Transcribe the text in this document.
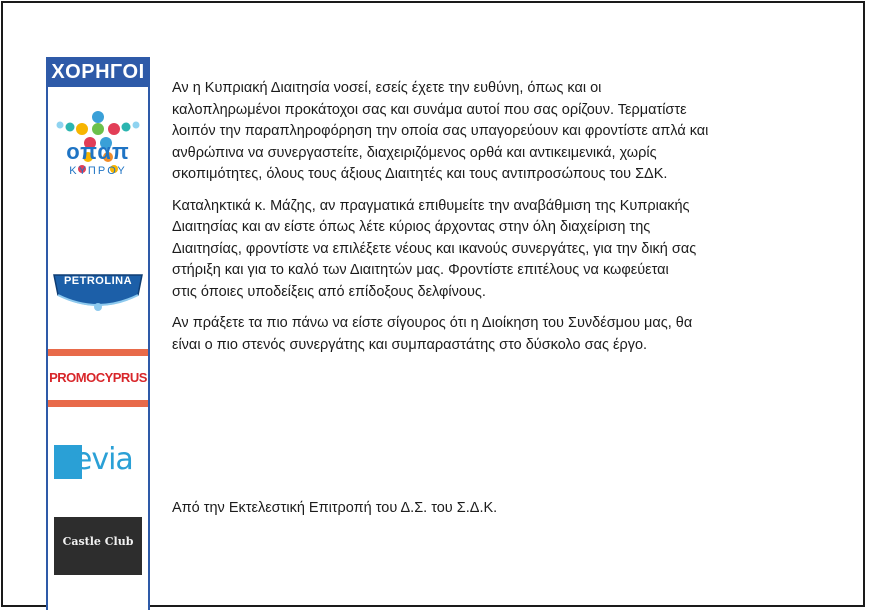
ΧΟΡΗΓΟΙ
οπαπ
ΚΥΠΡΟΥ
PETROLINA
PROMOCYPRUS
revia
Castle Club

Αν η Κυπριακή Διαιτησία νοσεί, εσείς έχετε την ευθύνη, όπως και οι
καλοπληρωμένοι προκάτοχοι σας και συνάμα αυτοί που σας ορίζουν. Τερματίστε
λοιπόν την παραπληροφόρηση την οποία σας υπαγορεύουν και φροντίστε απλά και
ανθρώπινα να συνεργαστείτε, διαχειριζόμενος ορθά και αντικειμενικά, χωρίς
σκοπιμότητες, όλους τους άξιους Διαιτητές και τους αντιπροσώπους του ΣΔΚ.

Καταληκτικά κ. Μάζης, αν πραγματικά επιθυμείτε την αναβάθμιση της Κυπριακής
Διαιτησίας και αν είστε όπως λέτε κύριος άρχοντας στην όλη διαχείριση της
Διαιτησίας, φροντίστε να επιλέξετε νέους και ικανούς συνεργάτες, για την δική σας
στήριξη και για το καλό των Διαιτητών μας. Φροντίστε επιτέλους να κωφεύεται
στις όποιες υποδείξεις από επίδοξους δελφίνους.

Αν πράξετε τα πιο πάνω να είστε σίγουρος ότι η Διοίκηση του Συνδέσμου μας, θα
είναι ο πιο στενός συνεργάτης και συμπαραστάτης στο δύσκολο σας έργο.

Από την Εκτελεστική Επιτροπή του Δ.Σ. του Σ.Δ.Κ.
